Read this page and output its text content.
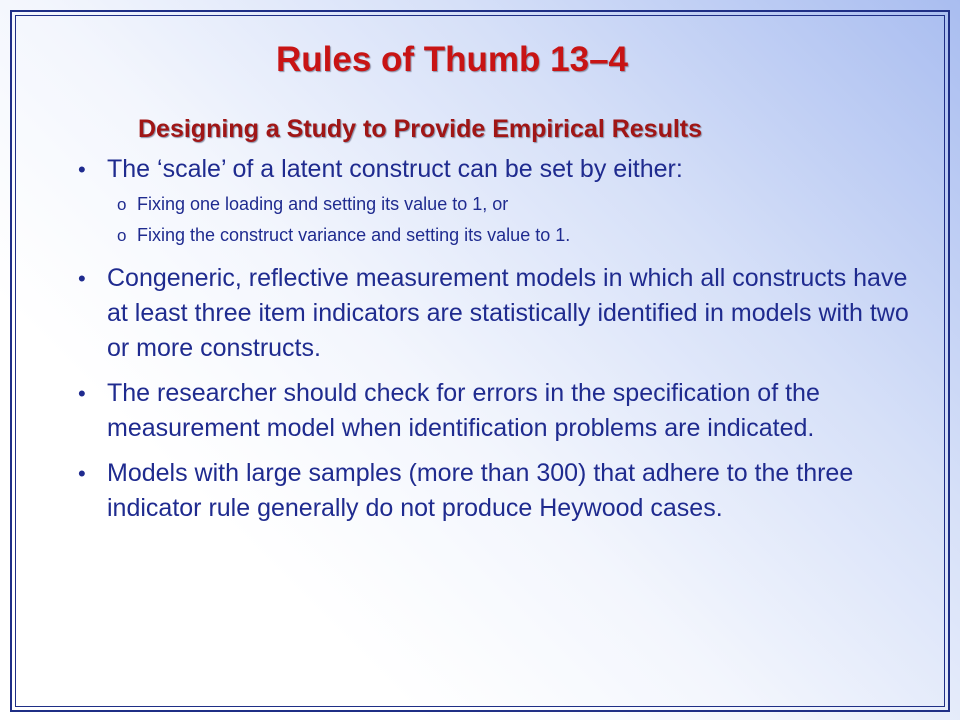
Rules of Thumb 13–4
Designing a Study to Provide Empirical Results
• The ‘scale’ of a latent construct can be set by either:
o Fixing one loading and setting its value to 1, or
o Fixing the construct variance and setting its value to 1.
• Congeneric, reflective measurement models in which all constructs have at least three item indicators are statistically identified in models with two or more constructs.
• The researcher should check for errors in the specification of the measurement model when identification problems are indicated.
• Models with large samples (more than 300) that adhere to the three indicator rule generally do not produce Heywood cases.
